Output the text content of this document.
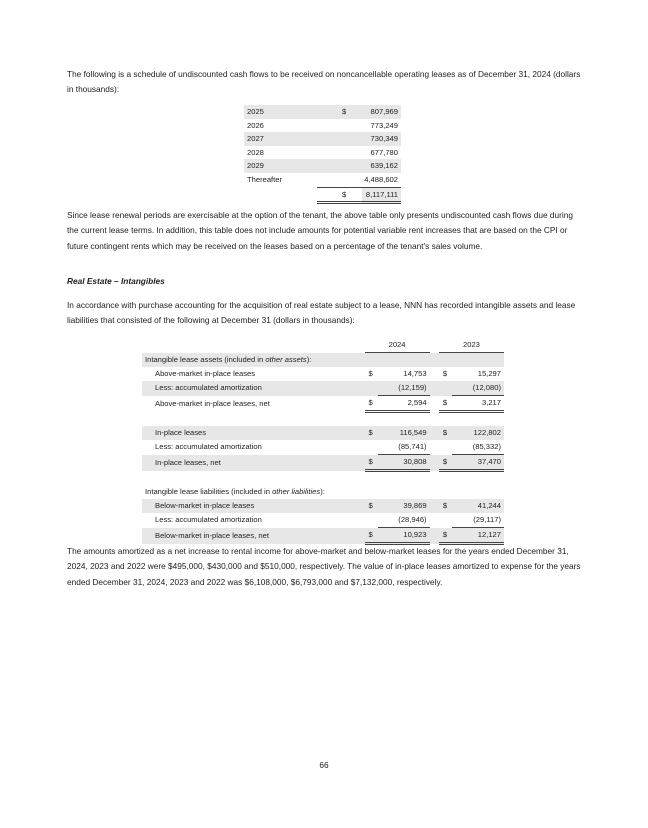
The following is a schedule of undiscounted cash flows to be received on noncancellable operating leases as of December 31, 2024 (dollars in thousands):

2025	$	807,969
2026		773,249
2027		730,349
2028		677,780
2029		639,162
Thereafter		4,488,602
	$	8,117,111

Since lease renewal periods are exercisable at the option of the tenant, the above table only presents undiscounted cash flows due during the current lease terms. In addition, this table does not include amounts for potential variable rent increases that are based on the CPI or future contingent rents which may be received on the leases based on a percentage of the tenant's sales volume.

Real Estate – Intangibles

In accordance with purchase accounting for the acquisition of real estate subject to a lease, NNN has recorded intangible assets and lease liabilities that consisted of the following at December 31 (dollars in thousands):

	2024			2023	
Intangible lease assets (included in other assets):					
Above-market in-place leases	$	14,753		$	15,297
Less: accumulated amortization		(12,159)			(12,080)
Above-market in-place leases, net	$	2,594		$	3,217

In-place leases	$	116,549		$	122,802
Less: accumulated amortization		(85,741)			(85,332)
In-place leases, net	$	30,808		$	37,470

Intangible lease liabilities (included in other liabilities):					
Below-market in-place leases	$	39,869		$	41,244
Less: accumulated amortization		(28,946)			(29,117)
Below-market in-place leases, net	$	10,923		$	12,127

The amounts amortized as a net increase to rental income for above-market and below-market leases for the years ended December 31, 2024, 2023 and 2022 were $495,000, $430,000 and $510,000, respectively. The value of in-place leases amortized to expense for the years ended December 31, 2024, 2023 and 2022 was $6,108,000, $6,793,000 and $7,132,000, respectively.

66
